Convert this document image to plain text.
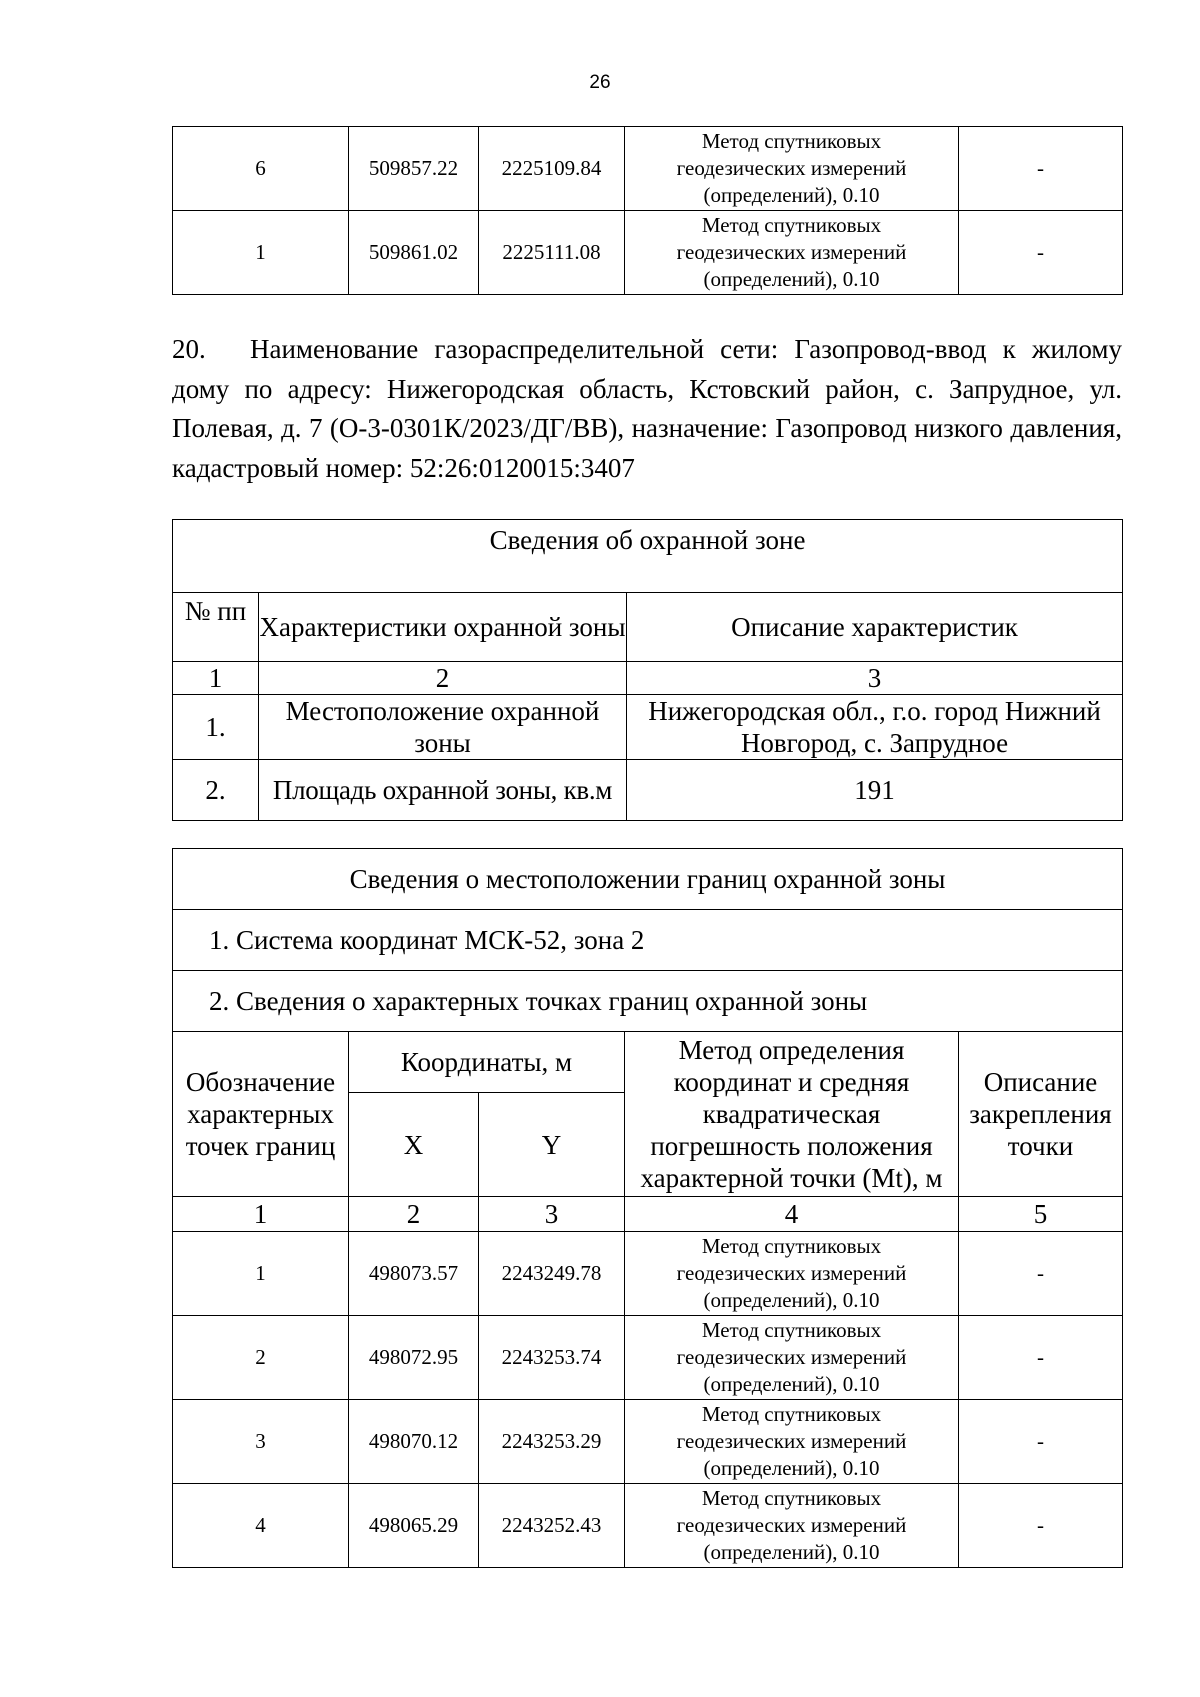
26
6	509857.22	2225109.84	Метод спутниковых
геодезических измерений
(определений), 0.10	-
1	509861.02	2225111.08	Метод спутниковых
геодезических измерений
(определений), 0.10	-
20. Наименование газораспределительной сети: Газопровод-ввод к жилому дому по адресу: Нижегородская область, Кстовский район, с. Запрудное, ул. Полевая, д. 7 (О-3-0301К/2023/ДГ/ВВ), назначение: Газопровод низкого давления, кадастровый номер: 52:26:0120015:3407
Сведения об охранной зоне		
№ пп	Характеристики охранной зоны	Описание характеристик
1	2	3
1.	Местоположение охранной зоны	Нижегородская обл., г.о. город Нижний Новгород, с. Запрудное
2.	Площадь охранной зоны, кв.м	191
Сведения о местоположении границ охранной зоны				
1. Система координат МСК-52, зона 2				
2. Сведения о характерных точках границ охранной зоны				
Обозначение характерных точек границ	Координаты, м		Метод определения координат и средняя квадратическая погрешность положения характерной точки (Mt), м	Описание закрепления точки
	X	Y		
1	2	3	4	5
1	498073.57	2243249.78	Метод спутниковых
геодезических измерений
(определений), 0.10	-
2	498072.95	2243253.74	Метод спутниковых
геодезических измерений
(определений), 0.10	-
3	498070.12	2243253.29	Метод спутниковых
геодезических измерений
(определений), 0.10	-
4	498065.29	2243252.43	Метод спутниковых
геодезических измерений
(определений), 0.10	-
